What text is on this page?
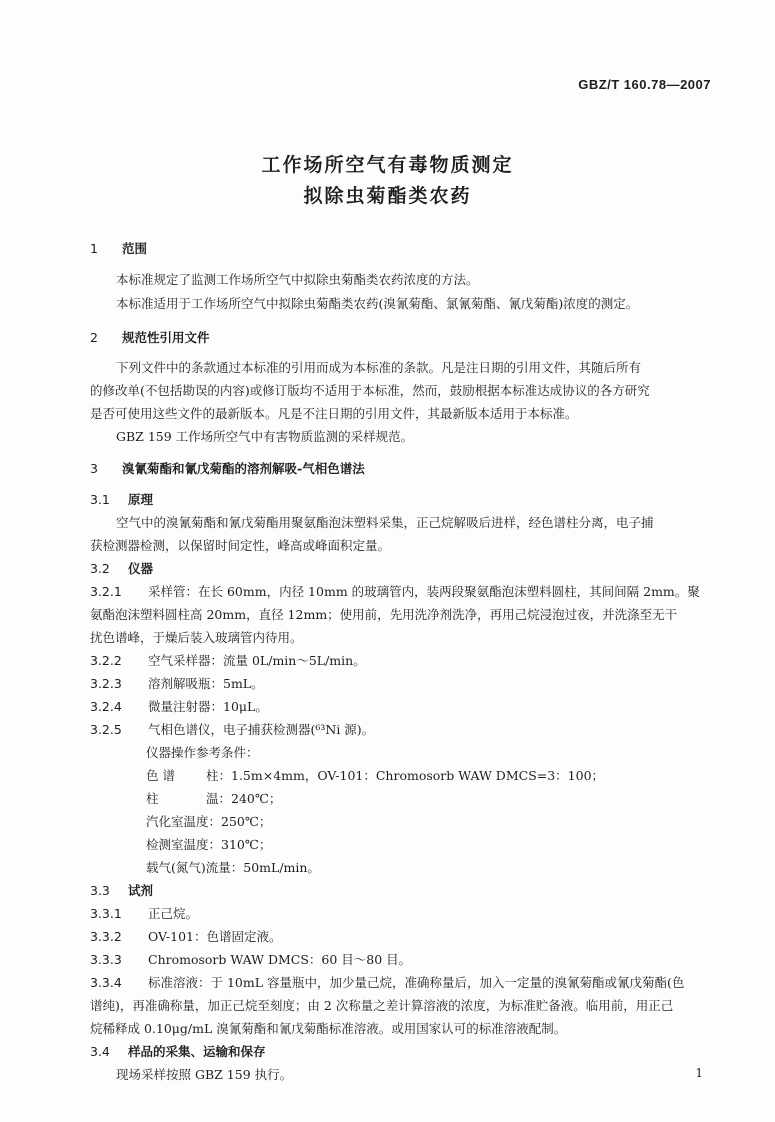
GBZ/T 160.78—2007
工作场所空气有毒物质测定
拟除虫菊酯类农药
1 范围
本标准规定了监测工作场所空气中拟除虫菊酯类农药浓度的方法。
本标准适用于工作场所空气中拟除虫菊酯类农药(溴氰菊酯、氯氰菊酯、氰戊菊酯)浓度的测定。
2 规范性引用文件
下列文件中的条款通过本标准的引用而成为本标准的条款。凡是注日期的引用文件，其随后所有
的修改单(不包括勘误的内容)或修订版均不适用于本标准，然而，鼓励根据本标准达成协议的各方研究
是否可使用这些文件的最新版本。凡是不注日期的引用文件，其最新版本适用于本标准。
GBZ 159 工作场所空气中有害物质监测的采样规范。
3 溴氰菊酯和氰戊菊酯的溶剂解吸-气相色谱法
3.1 原理
空气中的溴氰菊酯和氰戊菊酯用聚氨酯泡沫塑料采集，正己烷解吸后进样，经色谱柱分离，电子捕
获检测器检测，以保留时间定性，峰高或峰面积定量。
3.2 仪器
3.2.1 采样管：在长 60mm，内径 10mm 的玻璃管内，装两段聚氨酯泡沫塑料圆柱，其间间隔 2mm。聚
氨酯泡沫塑料圆柱高 20mm，直径 12mm；使用前，先用洗净剂洗净，再用己烷浸泡过夜，并洗涤至无干
扰色谱峰，于燥后装入玻璃管内待用。
3.2.2 空气采样器：流量 0L/min～5L/min。
3.2.3 溶剂解吸瓶：5mL。
3.2.4 微量注射器：10μL。
3.2.5 气相色谱仪，电子捕获检测器(⁶³Ni 源)。
仪器操作参考条件：
色 谱 柱：1.5m×4mm，OV-101：Chromosorb WAW DMCS=3：100；
柱	温：240℃；
汽化室温度：250℃；
检测室温度：310℃；
载气(氮气)流量：50mL/min。
3.3 试剂
3.3.1 正己烷。
3.3.2 OV-101：色谱固定液。
3.3.3 Chromosorb WAW DMCS：60 目～80 目。
3.3.4 标准溶液：于 10mL 容量瓶中，加少量己烷，准确称量后，加入一定量的溴氰菊酯或氰戊菊酯(色
谱纯)，再准确称量，加正己烷至刻度；由 2 次称量之差计算溶液的浓度，为标准贮备液。临用前，用正己
烷稀释成 0.10μg/mL 溴氰菊酯和氰戊菊酯标准溶液。或用国家认可的标准溶液配制。
3.4 样品的采集、运输和保存
现场采样按照 GBZ 159 执行。	1
